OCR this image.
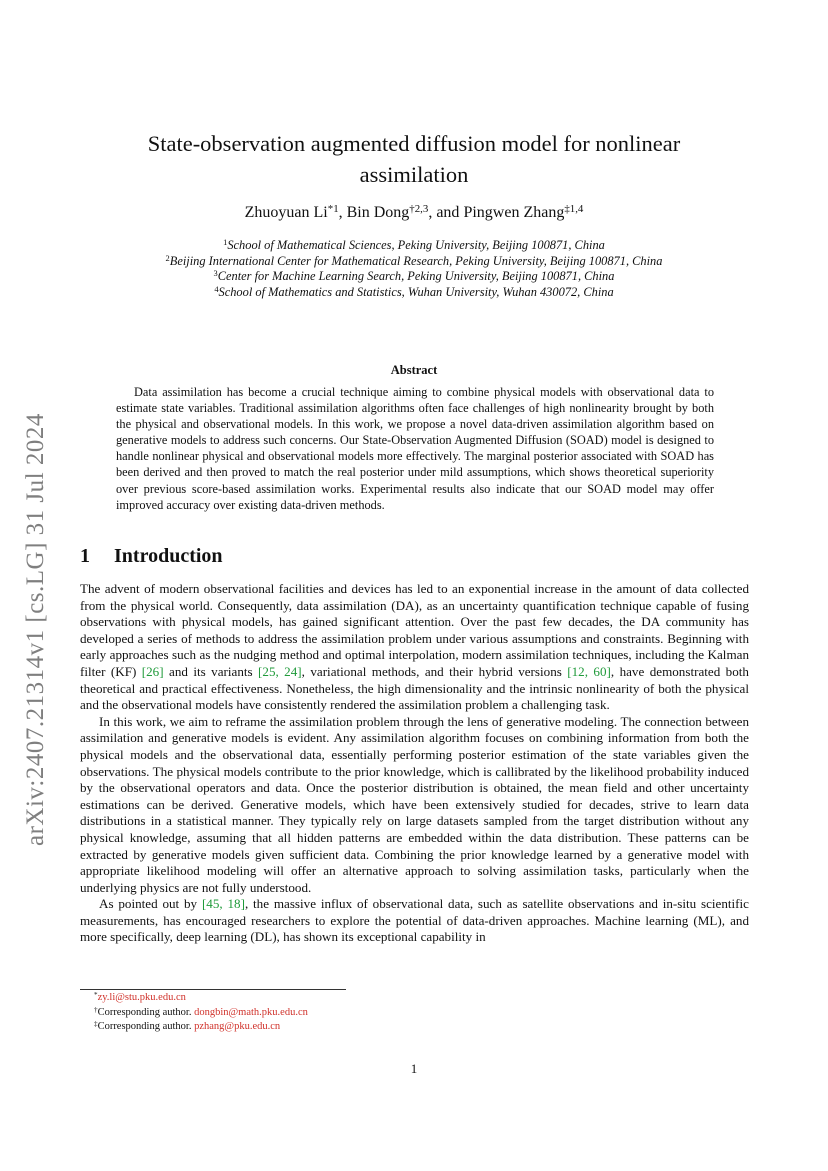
arXiv:2407.21314v1 [cs.LG] 31 Jul 2024
State-observation augmented diffusion model for nonlinear
assimilation
Zhuoyuan Li$^{*1}$, Bin Dong$^{\dagger 2,3}$, and Pingwen Zhang$^{\ddagger 1,4}$
$^1$School of Mathematical Sciences, Peking University, Beijing 100871, China
$^2$Beijing International Center for Mathematical Research, Peking University, Beijing 100871, China
$^3$Center for Machine Learning Search, Peking University, Beijing 100871, China
$^4$School of Mathematics and Statistics, Wuhan University, Wuhan 430072, China
Abstract
Data assimilation has become a crucial technique aiming to combine physical models with observational data to estimate state variables. Traditional assimilation algorithms often face challenges of high nonlinearity brought by both the physical and observational models. In this work, we propose a novel data-driven assimilation algorithm based on generative models to address such concerns. Our State-Observation Augmented Diffusion (SOAD) model is designed to handle nonlinear physical and observational models more effectively. The marginal posterior associated with SOAD has been derived and then proved to match the real posterior under mild assumptions, which shows theoretical superiority over previous score-based assimilation works. Experimental results also indicate that our SOAD model may offer improved accuracy over existing data-driven methods.
1 Introduction

The advent of modern observational facilities and devices has led to an exponential increase in the amount of data collected from the physical world. Consequently, data assimilation (DA), as an uncertainty quantification technique capable of fusing observations with physical models, has gained significant attention. Over the past few decades, the DA community has developed a series of methods to address the assimilation problem under various assumptions and constraints. Beginning with early approaches such as the nudging method and optimal interpolation, modern assimilation techniques, including the Kalman filter (KF) [26] and its variants [25, 24], variational methods, and their hybrid versions [12, 60], have demonstrated both theoretical and practical effectiveness. Nonetheless, the high dimensionality and the intrinsic nonlinearity of both the physical and the observational models have consistently rendered the assimilation problem a challenging task.

In this work, we aim to reframe the assimilation problem through the lens of generative modeling. The connection between assimilation and generative models is evident. Any assimilation algorithm focuses on combining information from both the physical models and the observational data, essentially performing posterior estimation of the state variables given the observations. The physical models contribute to the prior knowledge, which is callibrated by the likelihood probability induced by the observational operators and data. Once the posterior distribution is obtained, the mean field and other uncertainty estimations can be derived. Generative models, which have been extensively studied for decades, strive to learn data distributions in a statistical manner. They typically rely on large datasets sampled from the target distribution without any physical knowledge, assuming that all hidden patterns are embedded within the data distribution. These patterns can be extracted by generative models given sufficient data. Combining the prior knowledge learned by a generative model with appropriate likelihood modeling will offer an alternative approach to solving assimilation tasks, particularly when the underlying physics are not fully understood.

As pointed out by [45, 18], the massive influx of observational data, such as satellite observations and in-situ scientific measurements, has encouraged researchers to explore the potential of data-driven approaches. Machine learning (ML), and more specifically, deep learning (DL), has shown its exceptional capability in

*zy.li@stu.pku.edu.cn
†Corresponding author. dongbin@math.pku.edu.cn
‡Corresponding author. pzhang@pku.edu.cn
1
